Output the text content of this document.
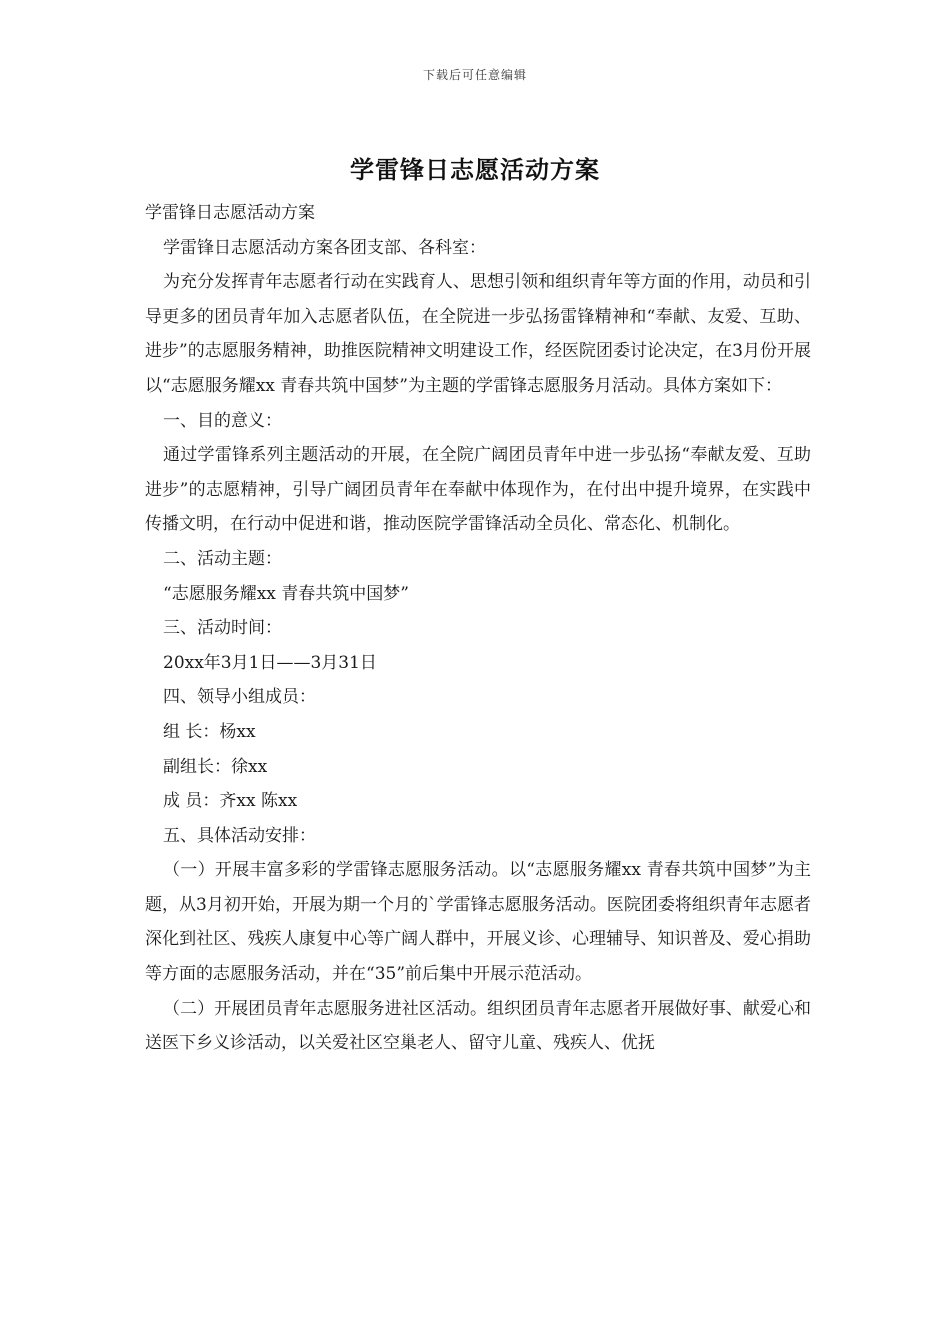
下载后可任意编辑
学雷锋日志愿活动方案

学雷锋日志愿活动方案

学雷锋日志愿活动方案各团支部、各科室：

为充分发挥青年志愿者行动在实践育人、思想引领和组织青年等方面的作用，动员和引导更多的团员青年加入志愿者队伍，在全院进一步弘扬雷锋精神和“奉献、友爱、互助、进步”的志愿服务精神，助推医院精神文明建设工作，经医院团委讨论决定，在3月份开展以“志愿服务耀xx 青春共筑中国梦”为主题的学雷锋志愿服务月活动。具体方案如下：

一、目的意义：

通过学雷锋系列主题活动的开展，在全院广阔团员青年中进一步弘扬“奉献友爱、互助进步”的志愿精神，引导广阔团员青年在奉献中体现作为，在付出中提升境界，在实践中传播文明，在行动中促进和谐，推动医院学雷锋活动全员化、常态化、机制化。

二、活动主题：

“志愿服务耀xx 青春共筑中国梦”

三、活动时间：

20xx年3月1日——3月31日

四、领导小组成员：

组 长：杨xx

副组长：徐xx

成 员：齐xx 陈xx

五、具体活动安排：

（一）开展丰富多彩的学雷锋志愿服务活动。以“志愿服务耀xx 青春共筑中国梦”为主题，从3月初开始，开展为期一个月的`学雷锋志愿服务活动。医院团委将组织青年志愿者深化到社区、残疾人康复中心等广阔人群中，开展义诊、心理辅导、知识普及、爱心捐助等方面的志愿服务活动，并在“35”前后集中开展示范活动。

（二）开展团员青年志愿服务进社区活动。组织团员青年志愿者开展做好事、献爱心和送医下乡义诊活动，以关爱社区空巢老人、留守儿童、残疾人、优抚
